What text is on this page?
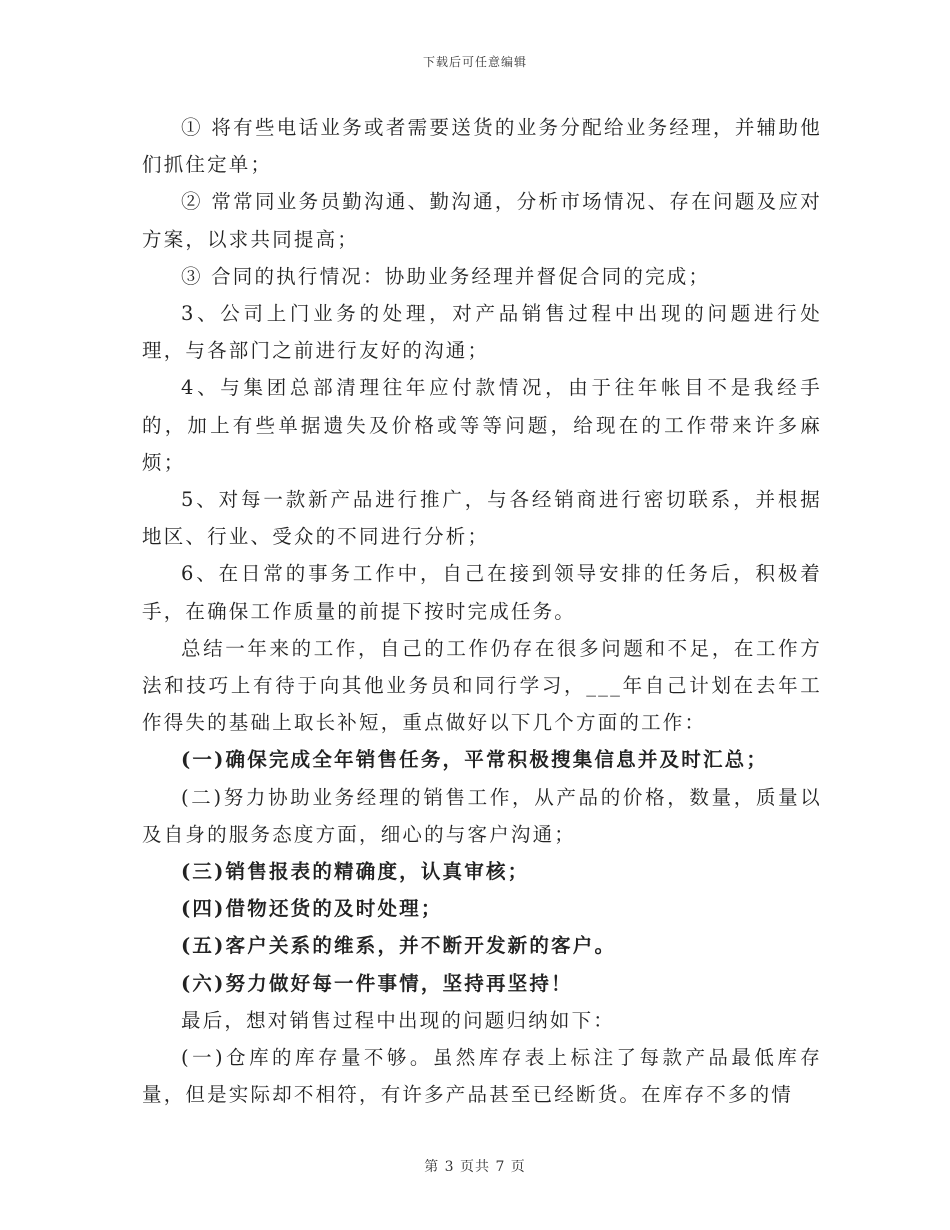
下载后可任意编辑

① 将有些电话业务或者需要送货的业务分配给业务经理，并辅助他们抓住定单；

② 常常同业务员勤沟通、勤沟通，分析市场情况、存在问题及应对方案，以求共同提高；

③ 合同的执行情况：协助业务经理并督促合同的完成；

3、公司上门业务的处理，对产品销售过程中出现的问题进行处理，与各部门之前进行友好的沟通；

4、与集团总部清理往年应付款情况，由于往年帐目不是我经手的，加上有些单据遗失及价格或等等问题，给现在的工作带来许多麻烦；

5、对每一款新产品进行推广，与各经销商进行密切联系，并根据地区、行业、受众的不同进行分析；

6、在日常的事务工作中，自己在接到领导安排的任务后，积极着手，在确保工作质量的前提下按时完成任务。

总结一年来的工作，自己的工作仍存在很多问题和不足，在工作方法和技巧上有待于向其他业务员和同行学习，___年自己计划在去年工作得失的基础上取长补短，重点做好以下几个方面的工作：

(一)确保完成全年销售任务，平常积极搜集信息并及时汇总；

(二)努力协助业务经理的销售工作，从产品的价格，数量，质量以及自身的服务态度方面，细心的与客户沟通；

(三)销售报表的精确度，认真审核；

(四)借物还货的及时处理；

(五)客户关系的维系，并不断开发新的客户。

(六)努力做好每一件事情，坚持再坚持！

最后，想对销售过程中出现的问题归纳如下：

(一)仓库的库存量不够。虽然库存表上标注了每款产品最低库存量，但是实际却不相符，有许多产品甚至已经断货。在库存不多的情

第 3 页共 7 页
